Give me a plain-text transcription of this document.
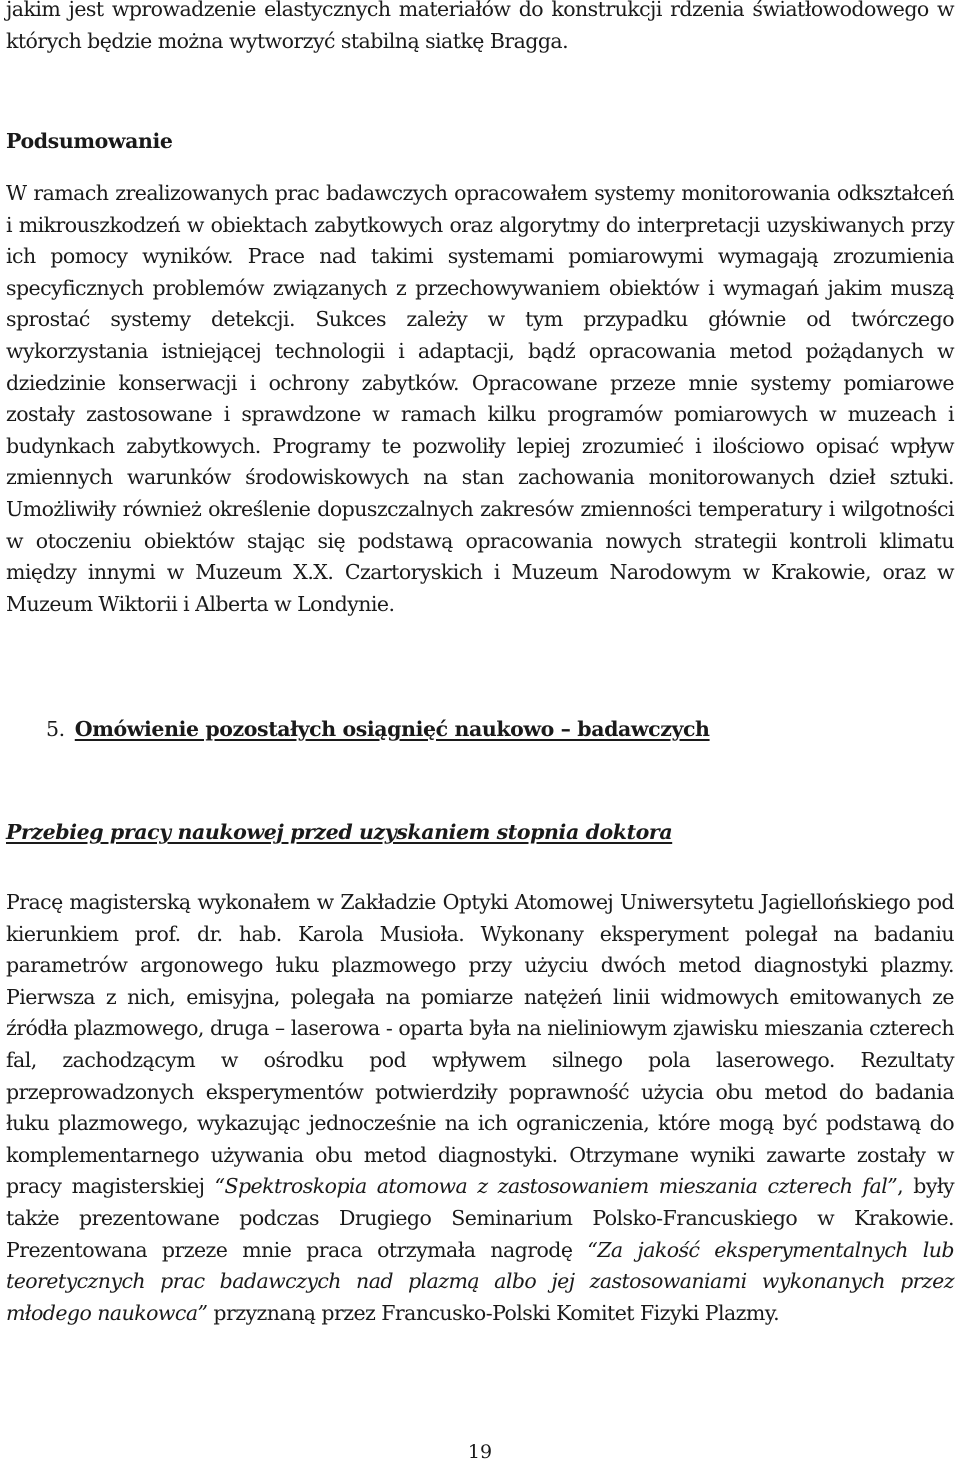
jakim jest wprowadzenie elastycznych materiałów do konstrukcji rdzenia światłowodowego w których będzie można wytworzyć stabilną siatkę Bragga.

Podsumowanie

W ramach zrealizowanych prac badawczych opracowałem systemy monitorowania odkształceń i mikrouszkodzeń w obiektach zabytkowych oraz algorytmy do interpretacji uzyskiwanych przy ich pomocy wyników. Prace nad takimi systemami pomiarowymi wymagają zrozumienia specyficznych problemów związanych z przechowywaniem obiektów i wymagań jakim muszą sprostać systemy detekcji. Sukces zależy w tym przypadku głównie od twórczego wykorzystania istniejącej technologii i adaptacji, bądź opracowania metod pożądanych w dziedzinie konserwacji i ochrony zabytków. Opracowane przeze mnie systemy pomiarowe zostały zastosowane i sprawdzone w ramach kilku programów pomiarowych w muzeach i budynkach zabytkowych. Programy te pozwoliły lepiej zrozumieć i ilościowo opisać wpływ zmiennych warunków środowiskowych na stan zachowania monitorowanych dzieł sztuki. Umożliwiły również określenie dopuszczalnych zakresów zmienności temperatury i wilgotności w otoczeniu obiektów stając się podstawą opracowania nowych strategii kontroli klimatu między innymi w Muzeum X.X. Czartoryskich i Muzeum Narodowym w Krakowie, oraz w Muzeum Wiktorii i Alberta w Londynie.

5. Omówienie pozostałych osiągnięć naukowo – badawczych
Przebieg pracy naukowej przed uzyskaniem stopnia doktora

Pracę magisterską wykonałem w Zakładzie Optyki Atomowej Uniwersytetu Jagiellońskiego pod kierunkiem prof. dr. hab. Karola Musioła. Wykonany eksperyment polegał na badaniu parametrów argonowego łuku plazmowego przy użyciu dwóch metod diagnostyki plazmy. Pierwsza z nich, emisyjna, polegała na pomiarze natężeń linii widmowych emitowanych ze źródła plazmowego, druga – laserowa - oparta była na nieliniowym zjawisku mieszania czterech fal, zachodzącym w ośrodku pod wpływem silnego pola laserowego. Rezultaty przeprowadzonych eksperymentów potwierdziły poprawność użycia obu metod do badania łuku plazmowego, wykazując jednocześnie na ich ograniczenia, które mogą być podstawą do komplementarnego używania obu metod diagnostyki. Otrzymane wyniki zawarte zostały w pracy magisterskiej “Spektroskopia atomowa z zastosowaniem mieszania czterech fal”, były także prezentowane podczas Drugiego Seminarium Polsko-Francuskiego w Krakowie. Prezentowana przeze mnie praca otrzymała nagrodę “Za jakość eksperymentalnych lub teoretycznych prac badawczych nad plazmą albo jej zastosowaniami wykonanych przez młodego naukowca” przyznaną przez Francusko-Polski Komitet Fizyki Plazmy.

19
